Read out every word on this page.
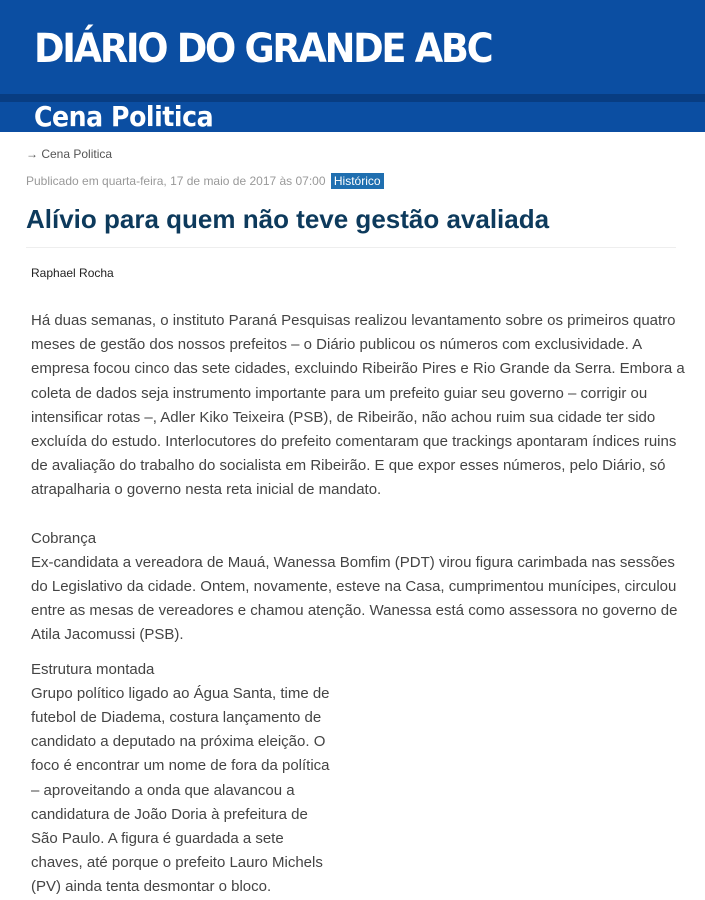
DIÁRIO DO GRANDE ABC
Cena Politica
→ Cena Politica
Publicado em quarta-feira, 17 de maio de 2017 às 07:00 Histórico
Alívio para quem não teve gestão avaliada
Raphael Rocha

Há duas semanas, o instituto Paraná Pesquisas realizou levantamento sobre os primeiros quatro meses de gestão dos nossos prefeitos – o Diário publicou os números com exclusividade. A empresa focou cinco das sete cidades, excluindo Ribeirão Pires e Rio Grande da Serra. Embora a coleta de dados seja instrumento importante para um prefeito guiar seu governo – corrigir ou intensificar rotas –, Adler Kiko Teixeira (PSB), de Ribeirão, não achou ruim sua cidade ter sido excluída do estudo. Interlocutores do prefeito comentaram que trackings apontaram índices ruins de avaliação do trabalho do socialista em Ribeirão. E que expor esses números, pelo Diário, só atrapalharia o governo nesta reta inicial de mandato.

Cobrança

Ex-candidata a vereadora de Mauá, Wanessa Bomfim (PDT) virou figura carimbada nas sessões do Legislativo da cidade. Ontem, novamente, esteve na Casa, cumprimentou munícipes, circulou entre as mesas de vereadores e chamou atenção. Wanessa está como assessora no governo de Atila Jacomussi (PSB).

Estrutura montada

Grupo político ligado ao Água Santa, time de futebol de Diadema, costura lançamento de candidato a deputado na próxima eleição. O foco é encontrar um nome de fora da política – aproveitando a onda que alavancou a candidatura de João Doria à prefeitura de São Paulo. A figura é guardada a sete chaves, até porque o prefeito Lauro Michels (PV) ainda tenta desmontar o bloco.
